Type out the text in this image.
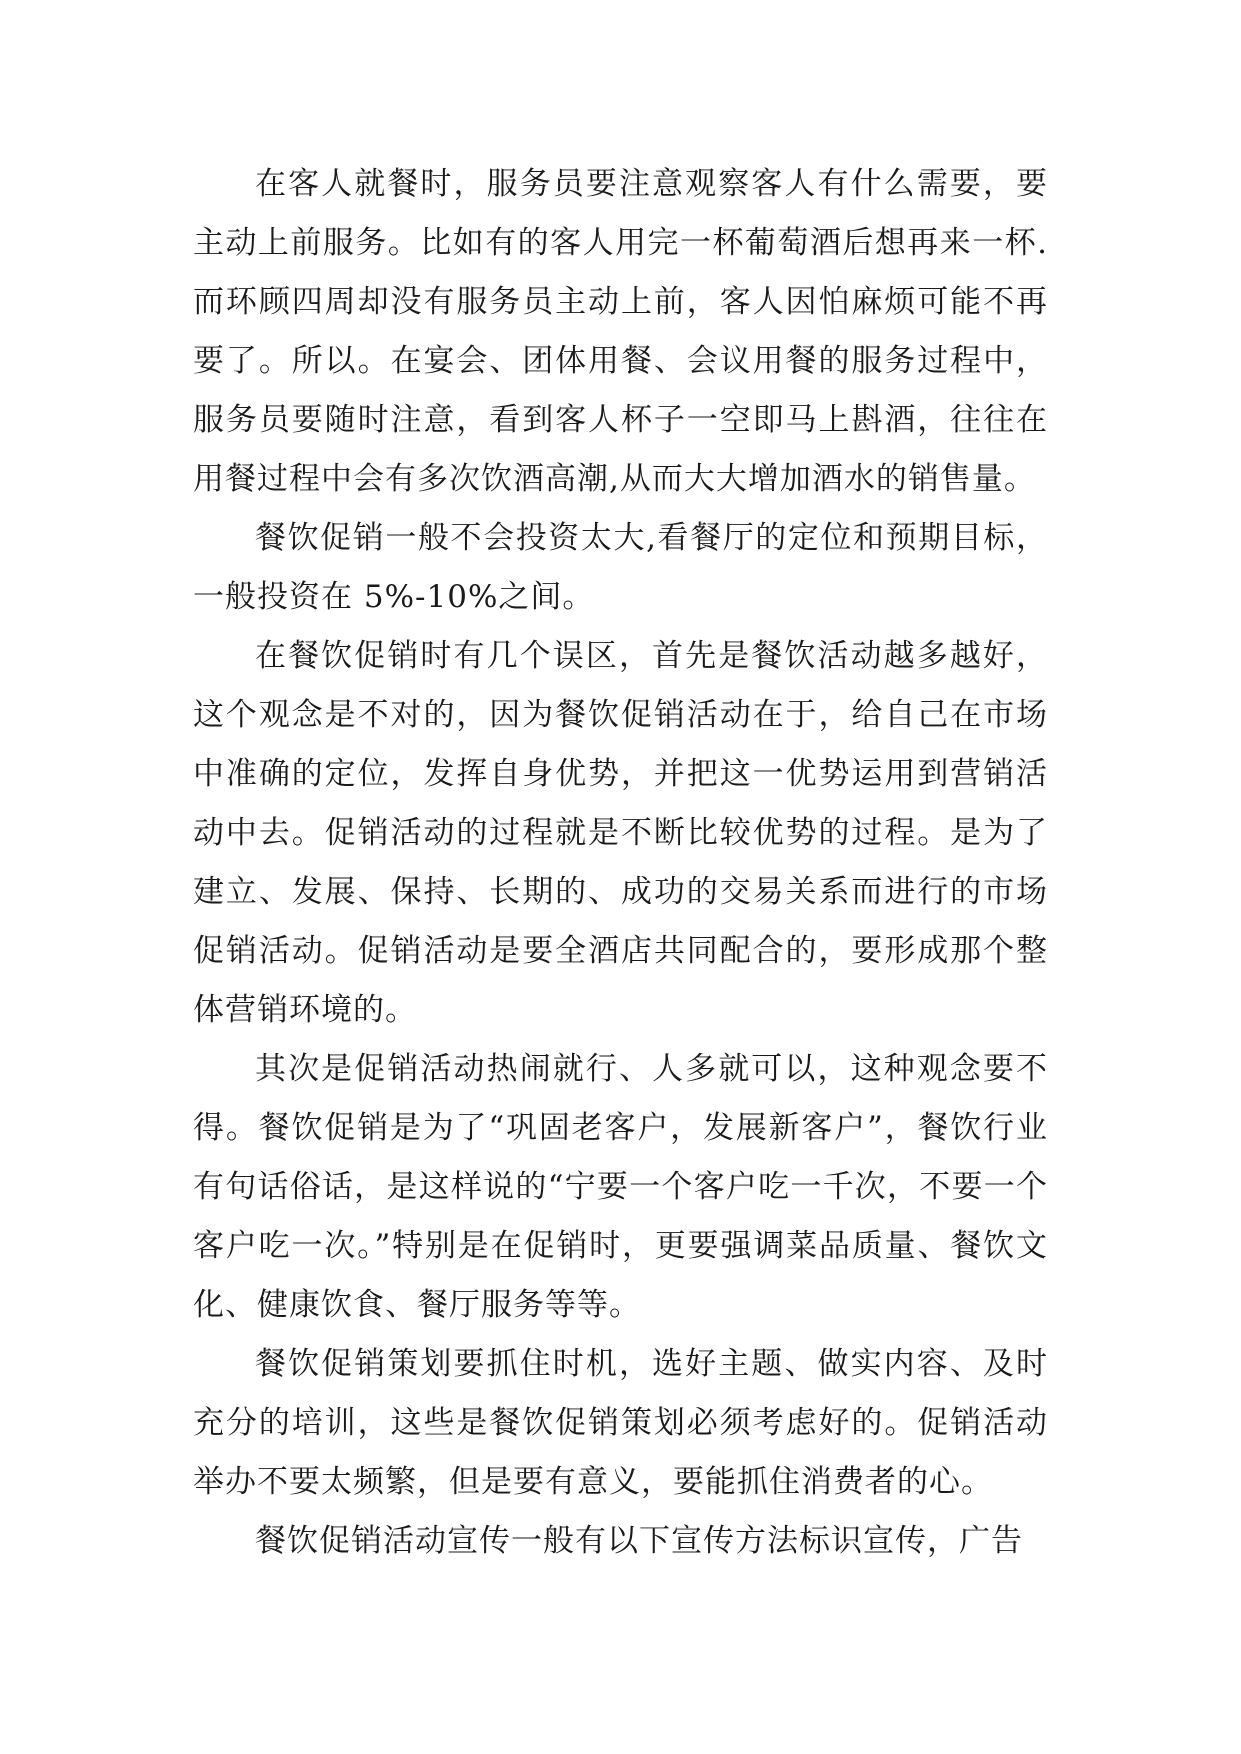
在客人就餐时，服务员要注意观察客人有什么需要，要主动上前服务。比如有的客人用完一杯葡萄酒后想再来一杯.而环顾四周却没有服务员主动上前，客人因怕麻烦可能不再要了。所以。在宴会、团体用餐、会议用餐的服务过程中，服务员要随时注意，看到客人杯子一空即马上斟酒，往往在用餐过程中会有多次饮酒高潮,从而大大增加酒水的销售量。

餐饮促销一般不会投资太大,看餐厅的定位和预期目标，一般投资在 5%-10%之间。

在餐饮促销时有几个误区，首先是餐饮活动越多越好，这个观念是不对的，因为餐饮促销活动在于，给自己在市场中准确的定位，发挥自身优势，并把这一优势运用到营销活动中去。促销活动的过程就是不断比较优势的过程。是为了建立、发展、保持、长期的、成功的交易关系而进行的市场促销活动。促销活动是要全酒店共同配合的，要形成那个整体营销环境的。

其次是促销活动热闹就行、人多就可以，这种观念要不得。餐饮促销是为了“巩固老客户，发展新客户”，餐饮行业有句话俗话，是这样说的“宁要一个客户吃一千次，不要一个客户吃一次。”特别是在促销时，更要强调菜品质量、餐饮文化、健康饮食、餐厅服务等等。

餐饮促销策划要抓住时机，选好主题、做实内容、及时充分的培训，这些是餐饮促销策划必须考虑好的。促销活动举办不要太频繁，但是要有意义，要能抓住消费者的心。

餐饮促销活动宣传一般有以下宣传方法标识宣传，广告
